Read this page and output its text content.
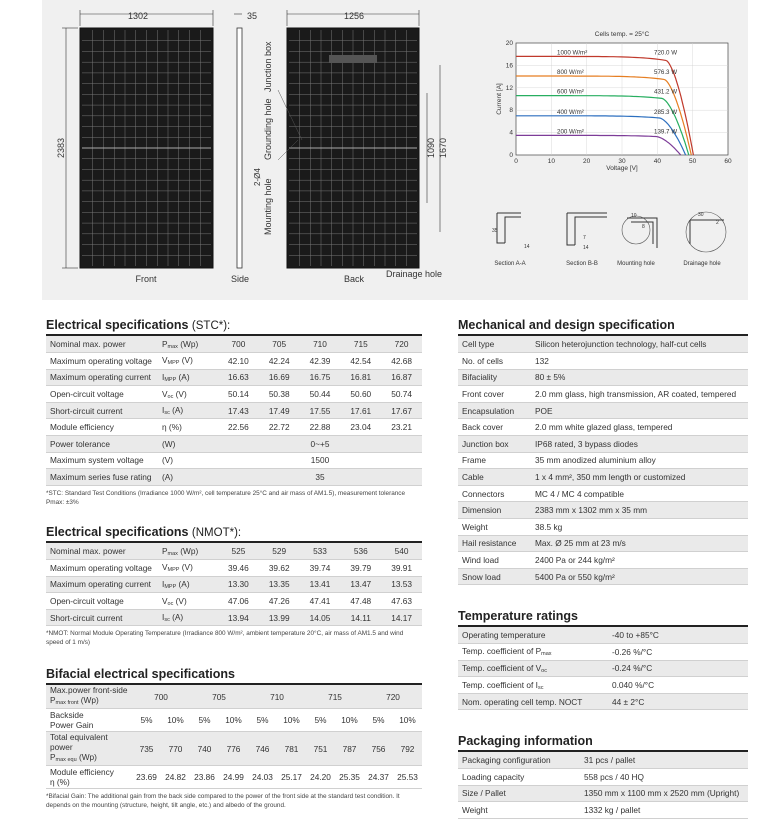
1302
2383
Front
35
Side
Junction box
Grounding hole
2-Ø4
Mounting hole
1256
1090 1670
Back Drainage hole
0	10	20	30	40	50	60
0
4
8
12
16
20
Cells temp. = 25°C
Voltage [V]
Current [A]
1000 W/m²	720.0 W
800 W/m²	576.3 W
600 W/m²	431.2 W
400 W/m²	285.3 W
200 W/m²	139.7 W
35
14
Section A-A
7
14
Section B-B
10
8
Mounting hole
30
2
Drainage hole
Electrical specifications (STC*):
Nominal max. power	$P_{max}$ (Wp)	700	705	710	715	720
Maximum operating voltage	$V_{MPP}$ (V)	42.10	42.24	42.39	42.54	42.68
Maximum operating current	$I_{MPP}$ (A)	16.63	16.69	16.75	16.81	16.87
Open-circuit voltage	$V_{oc}$ (V)	50.14	50.38	50.44	50.60	50.74
Short-circuit current	$I_{sc}$ (A)	17.43	17.49	17.55	17.61	17.67
Module efficiency	η (%)	22.56	22.72	22.88	23.04	23.21
Power tolerance	(W)	0~+5				
Maximum system voltage	(V)	1500				
Maximum series fuse rating	(A)	35				
*STC: Standard Test Conditions (Irradiance 1000 W/m², cell temperature 25°C and air mass of AM1.5), measurement tolerance Pmax: ±3%
Electrical specifications (NMOT*):
Nominal max. power	$P_{max}$ (Wp)	525	529	533	536	540
Maximum operating voltage	$V_{MPP}$ (V)	39.46	39.62	39.74	39.79	39.91
Maximum operating current	$I_{MPP}$ (A)	13.30	13.35	13.41	13.47	13.53
Open-circuit voltage	$V_{oc}$ (V)	47.06	47.26	47.41	47.48	47.63
Short-circuit current	$I_{sc}$ (A)	13.94	13.99	14.05	14.11	14.17
*NMOT: Normal Module Operating Temperature (Irradiance 800 W/m², ambient temperature 20°C, air mass of AM1.5 and wind speed of 1 m/s)
Bifacial electrical specifications
Max.power front-side
$P_{max front}$ (Wp)	700		705		710		715		720	

Backside
Power Gain	5%	10%	5%	10%	5%	10%	5%	10%	5%	10%

Total equivalent power
$P_{max equ}$ (Wp)	735	770	740	776	746	781	751	787	756	792

Module efficiency
η (%)	23.69	24.82	23.86	24.99	24.03	25.17	24.20	25.35	24.37	25.53
*Bifacial Gain: The additional gain from the back side compared to the power of the front side at the standard test condition. It depends on the mounting (structure, height, tilt angle, etc.) and albedo of the ground.
Mechanical and design specification
Cell type	Silicon heterojunction technology, half-cut cells
No. of cells	132
Bifaciality	80 ± 5%
Front cover	2.0 mm glass, high transmission, AR coated, tempered
Encapsulation	POE
Back cover	2.0 mm white glazed glass, tempered
Junction box	IP68 rated, 3 bypass diodes
Frame	35 mm anodized aluminium alloy
Cable	1 x 4 mm², 350 mm length or customized
Connectors	MC 4 / MC 4 compatible
Dimension	2383 mm x 1302 mm x 35 mm
Weight	38.5 kg
Hail resistance	Max. Ø 25 mm at 23 m/s
Wind load	2400 Pa or 244 kg/m²
Snow load	5400 Pa or 550 kg/m²
Temperature ratings
Operating temperature	-40 to +85°C
Temp. coefficient of $P_{max}$	-0.26 %/°C
Temp. coefficient of $V_{oc}$	-0.24 %/°C
Temp. coefficient of $I_{sc}$	0.040 %/°C
Nom. operating cell temp. NOCT	44 ± 2°C
Packaging information
Packaging configuration	31 pcs / pallet
Loading capacity	558 pcs / 40 HQ
Size / Pallet	1350 mm x 1100 mm x 2520 mm (Upright)
Weight	1332 kg / pallet
